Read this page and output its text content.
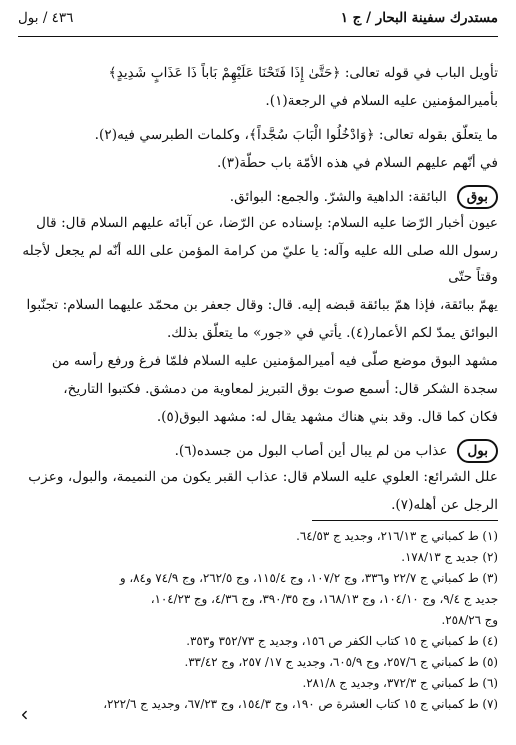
مستدرك سفينة البحار / ج ١
٤٣٦ / بول

تأويل الباب في قوله تعالى: ﴿حَتَّىٰ إِذَا فَتَحْنَا عَلَيْهِمْ بَاباً ذَا عَذَابٍ شَدِيدٍ﴾

بأميرالمؤمنين عليه السلام في الرجعة(١).

ما يتعلّق بقوله تعالى: ﴿وَادْخُلُوا الْبَابَ سُجَّداً﴾، وكلمات الطبرسي فيه(٢).

في أنّهم عليهم السلام في هذه الأمّة باب حطّة(٣).

بوق
البائقة: الداهية والشرّ. والجمع: البوائق.

عيون أخبار الرّضا عليه السلام: بإسناده عن الرّضا، عن آبائه عليهم السلام قال: قال

رسول الله صلى الله عليه وآله: يا عليّ من كرامة المؤمن على الله أنّه لم يجعل لأجله وقتاً حتّى

يهمّ ببائقة، فإذا همّ ببائقة قبضه إليه. قال: وقال جعفر بن محمّد عليهما السلام: تجنّبوا

البوائق يمدّ لكم الأعمار(٤). يأتي في «جور» ما يتعلّق بذلك.

مشهد البوق موضع صلّى فيه أميرالمؤمنين عليه السلام فلمّا فرغ ورفع رأسه من

سجدة الشكر قال: أسمع صوت بوق التبريز لمعاوية من دمشق. فكتبوا التاريخ،

فكان كما قال. وقد بني هناك مشهد يقال له: مشهد البوق(٥).

بول
عذاب من لم يبال أين أصاب البول من جسده(٦).

علل الشرائع: العلوي عليه السلام قال: عذاب القبر يكون من النميمة، والبول، وعزب

الرجل عن أهله(٧).

(١) ط كمباني ج ٢١٦/١٣، وجديد ج ٦٤/٥٣.

(٢) جديد ج ١٧٨/١٣.

(٣) ط كمباني ج ٢٢/٧ و٣٣٦، وج ١٠٧/٢، وج ١١٥/٤، وج ٢٦٢/٥، وج ٧٤/٩ و٨٤، و

جديد ج ٩/٤، وج ١٠٤/١٠، وج ١٦٨/١٣، وج ٣٩٠/٣٥، وج ٤/٣٦، وج ١٠٤/٢٣،

وج ٢٥٨/٢٦.

(٤) ط كمباني ج ١٥ كتاب الكفر ص ١٥٦، وجديد ج ٣٥٢/٧٣ و٣٥٣.

(٥) ط كمباني ج ٢٥٧/٦، وج ٦٠٥/٩، وجديد ج ١٧/ ٢٥٧، وج ٣٣/٤٢.

(٦) ط كمباني ج ٣٧٢/٣، وجديد ج ٢٨١/٨.

(٧) ط كمباني ج ١٥ كتاب العشرة ص ١٩٠، وج ١٥٤/٣، وج ٦٧/٢٣، وجديد ج ٢٢٢/٦،
